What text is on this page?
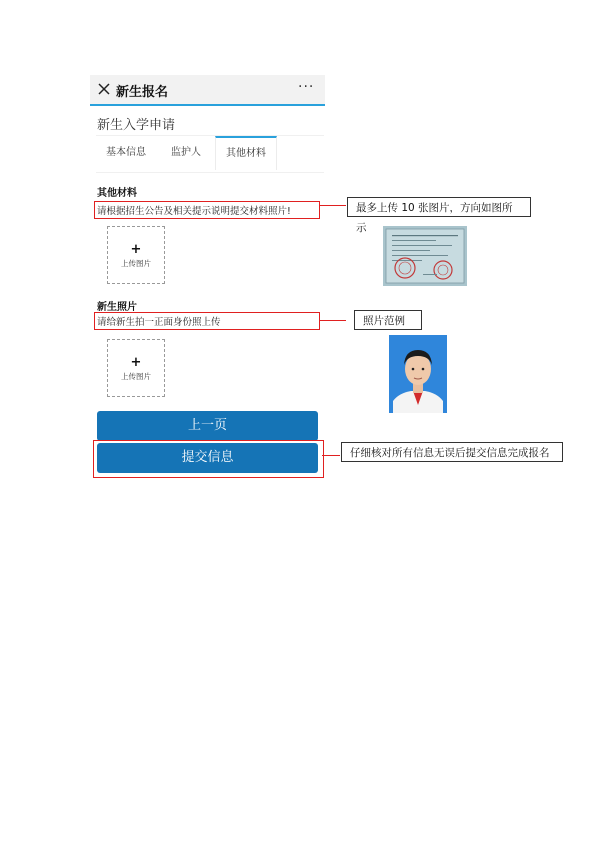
新生报名	···
新生入学申请
基本信息	监护人	其他材料
其他材料
请根据招生公告及相关提示说明提交材料照片!
+
上传图片
新生照片
请给新生拍一正面身份照上传
+
上传图片
上一页
提交信息
最多上传 10 张图片，方向如图所示
照片范例
仔细核对所有信息无误后提交信息完成报名
